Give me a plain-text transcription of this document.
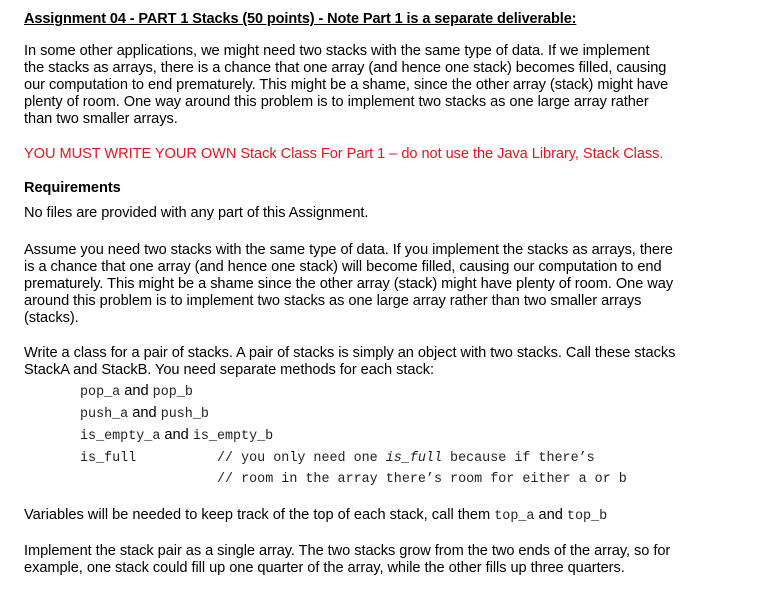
Assignment 04 - PART 1 Stacks (50 points) - Note Part 1 is a separate deliverable:

In some other applications, we might need two stacks with the same type of data. If we implement
the stacks as arrays, there is a chance that one array (and hence one stack) becomes filled, causing
our computation to end prematurely. This might be a shame, since the other array (stack) might have
plenty of room. One way around this problem is to implement two stacks as one large array rather
than two smaller arrays.

YOU MUST WRITE YOUR OWN Stack Class For Part 1 – do not use the Java Library, Stack Class.

Requirements

No files are provided with any part of this Assignment.

Assume you need two stacks with the same type of data. If you implement the stacks as arrays, there
is a chance that one array (and hence one stack) will become filled, causing our computation to end
prematurely. This might be a shame since the other array (stack) might have plenty of room. One way
around this problem is to implement two stacks as one large array rather than two smaller arrays
(stacks).

Write a class for a pair of stacks. A pair of stacks is simply an object with two stacks. Call these stacks
StackA and StackB. You need separate methods for each stack:

pop_a and pop_b
push_a and push_b
is_empty_a and is_empty_b
is_full	// you only need one is_full because if there’s
// room in the array there’s room for either a or b
Variables will be needed to keep track of the top of each stack, call them top_a and top_b

Implement the stack pair as a single array. The two stacks grow from the two ends of the array, so for
example, one stack could fill up one quarter of the array, while the other fills up three quarters.
